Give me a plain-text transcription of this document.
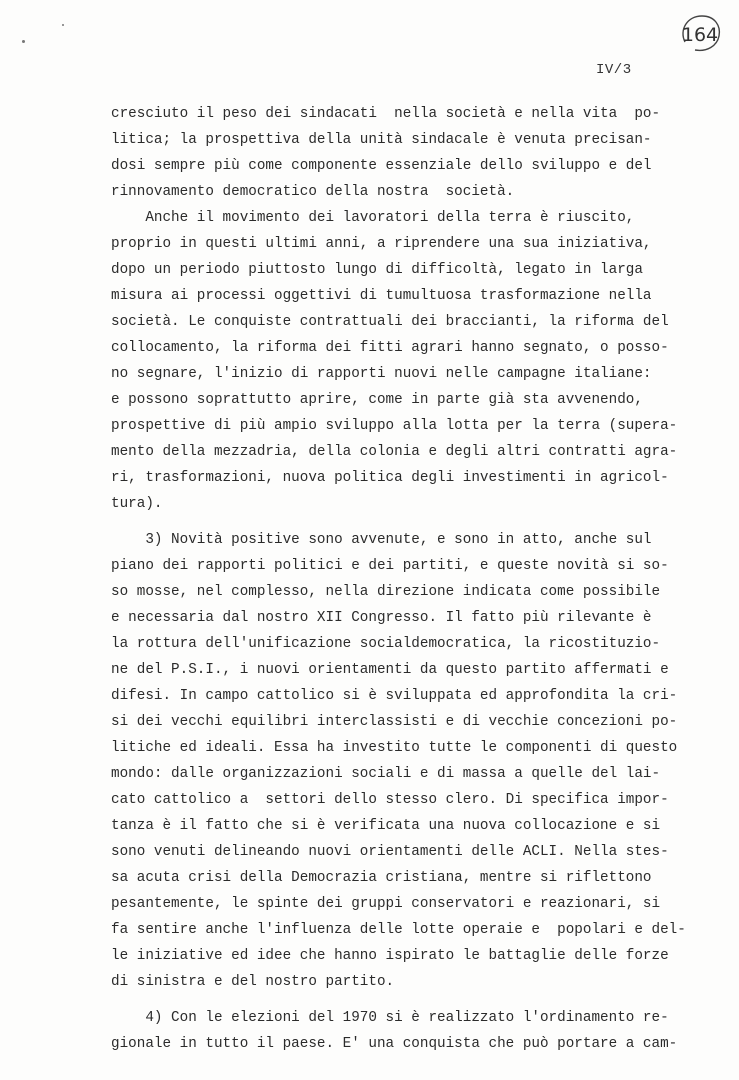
164
IV/3
cresciuto il peso dei sindacati  nella società e nella vita  po-
litica; la prospettiva della unità sindacale è venuta precisan-
dosi sempre più come componente essenziale dello sviluppo e del
rinnovamento democratico della nostra  società.
Anche il movimento dei lavoratori della terra è riuscito,
proprio in questi ultimi anni, a riprendere una sua iniziativa,
dopo un periodo piuttosto lungo di difficoltà, legato in larga
misura ai processi oggettivi di tumultuosa trasformazione nella
società. Le conquiste contrattuali dei braccianti, la riforma del
collocamento, la riforma dei fitti agrari hanno segnato, o posso-
no segnare, l'inizio di rapporti nuovi nelle campagne italiane:
e possono soprattutto aprire, come in parte già sta avvenendo,
prospettive di più ampio sviluppo alla lotta per la terra (supera-
mento della mezzadria, della colonia e degli altri contratti agra-
ri, trasformazioni, nuova politica degli investimenti in agricol-
tura).
3) Novità positive sono avvenute, e sono in atto, anche sul
piano dei rapporti politici e dei partiti, e queste novità si so-
so mosse, nel complesso, nella direzione indicata come possibile
e necessaria dal nostro XII Congresso. Il fatto più rilevante è
la rottura dell'unificazione socialdemocratica, la ricostituzio-
ne del P.S.I., i nuovi orientamenti da questo partito affermati e
difesi. In campo cattolico si è sviluppata ed approfondita la cri-
si dei vecchi equilibri interclassisti e di vecchie concezioni po-
litiche ed ideali. Essa ha investito tutte le componenti di questo
mondo: dalle organizzazioni sociali e di massa a quelle del lai-
cato cattolico a  settori dello stesso clero. Di specifica impor-
tanza è il fatto che si è verificata una nuova collocazione e si
sono venuti delineando nuovi orientamenti delle ACLI. Nella stes-
sa acuta crisi della Democrazia cristiana, mentre si riflettono
pesantemente, le spinte dei gruppi conservatori e reazionari, si
fa sentire anche l'influenza delle lotte operaie e  popolari e del-
le iniziative ed idee che hanno ispirato le battaglie delle forze
di sinistra e del nostro partito.
4) Con le elezioni del 1970 si è realizzato l'ordinamento re-
gionale in tutto il paese. E' una conquista che può portare a cam-
